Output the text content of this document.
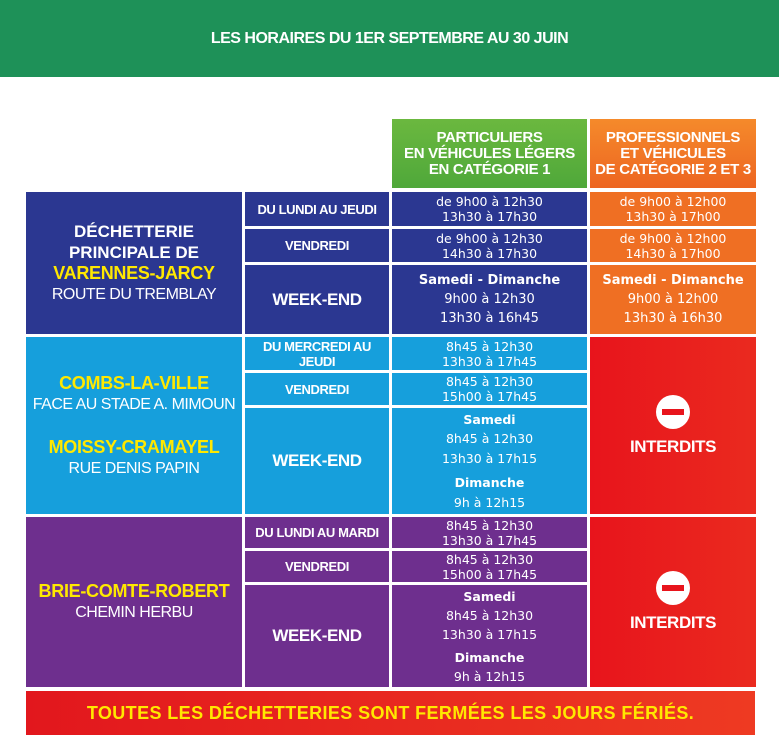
LES HORAIRES DU 1ER SEPTEMBRE AU 30 JUIN
PARTICULIERS
EN VÉHICULES LÉGERS
EN CATÉGORIE 1
PROFESSIONNELS
ET VÉHICULES
DE CATÉGORIE 2 ET 3
DÉCHETTERIE
PRINCIPALE DE
VARENNES-JARCY
ROUTE DU TREMBLAY
DU LUNDI AU JEUDI
VENDREDI
WEEK-END
de 9h00 à 12h30
13h30 à 17h30
de 9h00 à 12h30
14h30 à 17h30
Samedi - Dimanche
9h00 à 12h30
13h30 à 16h45
de 9h00 à 12h00
13h30 à 17h00
de 9h00 à 12h00
14h30 à 17h00
Samedi - Dimanche
9h00 à 12h00
13h30 à 16h30
COMBS-LA-VILLE
FACE AU STADE A. MIMOUN
MOISSY-CRAMAYEL
RUE DENIS PAPIN
DU MERCREDI AU JEUDI
VENDREDI
WEEK-END
8h45 à 12h30
13h30 à 17h45
8h45 à 12h30
15h00 à 17h45
Samedi
8h45 à 12h30
13h30 à 17h15
Dimanche
9h à 12h15
INTERDITS
BRIE-COMTE-ROBERT
CHEMIN HERBU
DU LUNDI AU MARDI
VENDREDI
WEEK-END
8h45 à 12h30
13h30 à 17h45
8h45 à 12h30
15h00 à 17h45
Samedi
8h45 à 12h30
13h30 à 17h15
Dimanche
9h à 12h15
INTERDITS
TOUTES LES DÉCHETTERIES SONT FERMÉES LES JOURS FÉRIÉS.
